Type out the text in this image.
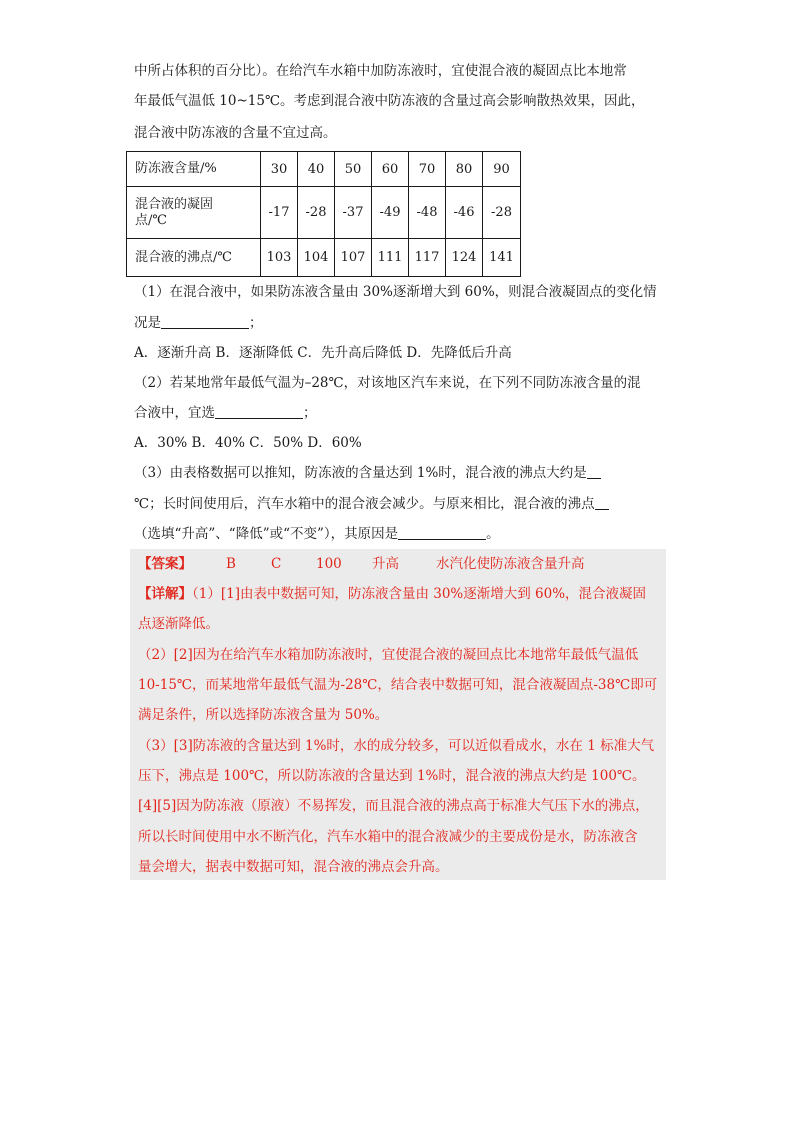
中所占体积的百分比）。在给汽车水箱中加防冻液时，宜使混合液的凝固点比本地常
年最低气温低 10~15℃。考虑到混合液中防冻液的含量过高会影响散热效果，因此，
混合液中防冻液的含量不宜过高。
防冻液含量/%	30	40	50	60	70	80	90
混合液的凝固
点/℃	-17	-28	-37	-49	-48	-46	-28
混合液的沸点/℃	103	104	107	111	117	124	141
（1）在混合液中，如果防冻液含量由 30%逐渐增大到 60%，则混合液凝固点的变化情
况是	；
A．逐渐升高 B．逐渐降低 C．先升高后降低 D．先降低后升高
（2）若某地常年最低气温为–28℃，对该地区汽车来说，在下列不同防冻液含量的混
合液中，宜选	；
A．30% B．40% C．50% D．60%
（3）由表格数据可以推知，防冻液的含量达到 1%时，混合液的沸点大约是
℃；长时间使用后，汽车水箱中的混合液会减少。与原来相比，混合液的沸点
（选填“升高”、“降低”或“不变”），其原因是	。
【答案】	B	C	100 升高	水汽化使防冻液含量升高
【详解】（1）[1]由表中数据可知，防冻液含量由 30%逐渐增大到 60%，混合液凝固
点逐渐降低。
（2）[2]因为在给汽车水箱加防冻液时，宜使混合液的凝回点比本地常年最低气温低
10-15℃，而某地常年最低气温为-28℃，结合表中数据可知，混合液凝固点-38℃即可
满足条件，所以选择防冻液含量为 50%。
（3）[3]防冻液的含量达到 1%时，水的成分较多，可以近似看成水，水在 1 标准大气
压下，沸点是 100℃，所以防冻液的含量达到 1%时，混合液的沸点大约是 100℃。
[4][5]因为防冻液（原液）不易挥发，而且混合液的沸点高于标准大气压下水的沸点，
所以长时间使用中水不断汽化，汽车水箱中的混合液减少的主要成份是水，防冻液含
量会增大，据表中数据可知，混合液的沸点会升高。
